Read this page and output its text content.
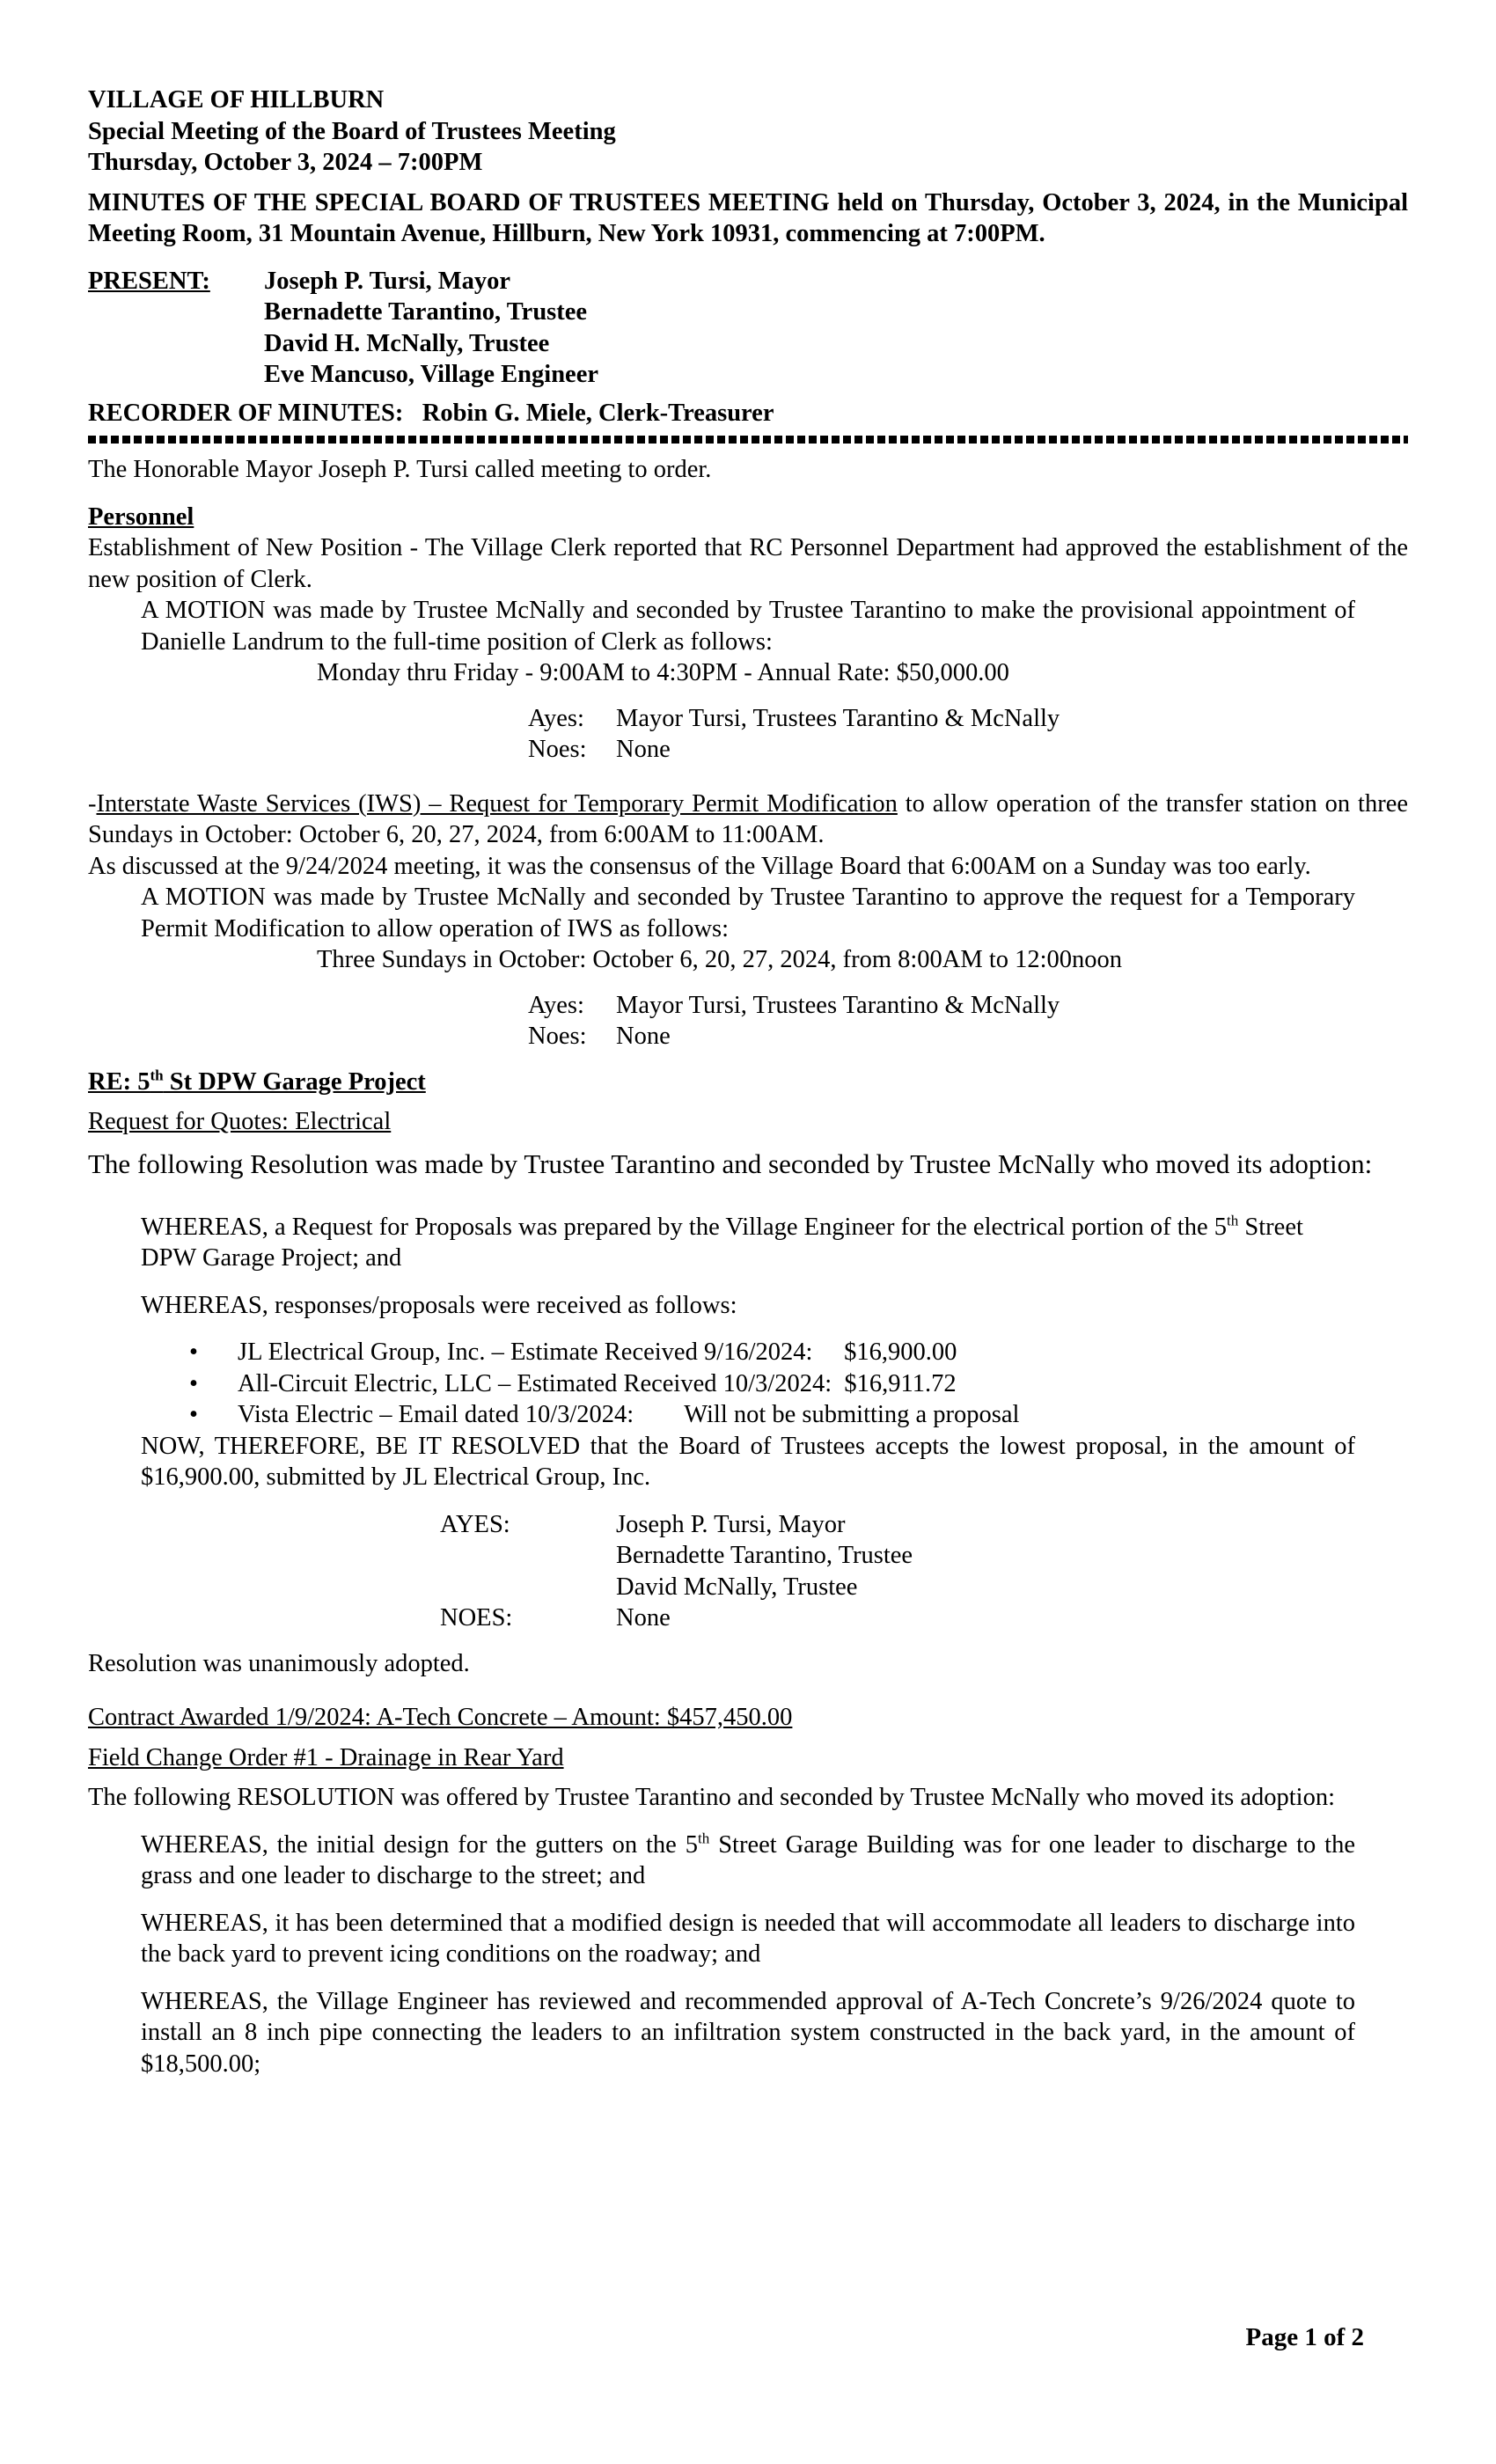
VILLAGE OF HILLBURN

Special Meeting of the Board of Trustees Meeting

Thursday, October 3, 2024 – 7:00PM

MINUTES OF THE SPECIAL BOARD OF TRUSTEES MEETING held on Thursday, October 3, 2024, in the Municipal Meeting Room, 31 Mountain Avenue, Hillburn, New York 10931, commencing at 7:00PM.

PRESENT:	Joseph P. Tursi, Mayor

Bernadette Tarantino, Trustee

David H. McNally, Trustee

Eve Mancuso, Village Engineer

RECORDER OF MINUTES:   Robin G. Miele, Clerk-Treasurer

The Honorable Mayor Joseph P. Tursi called meeting to order.

Personnel

Establishment of New Position - The Village Clerk reported that RC Personnel Department had approved the establishment of the new position of Clerk.

A MOTION was made by Trustee McNally and seconded by Trustee Tarantino to make the provisional appointment of Danielle Landrum to the full-time position of Clerk as follows:

Monday thru Friday - 9:00AM to 4:30PM - Annual Rate: $50,000.00

Ayes:	Mayor Tursi, Trustees Tarantino & McNally
Noes:	None

-Interstate Waste Services (IWS) – Request for Temporary Permit Modification to allow operation of the transfer station on three Sundays in October: October 6, 20, 27, 2024, from 6:00AM to 11:00AM.

As discussed at the 9/24/2024 meeting, it was the consensus of the Village Board that 6:00AM on a Sunday was too early.

A MOTION was made by Trustee McNally and seconded by Trustee Tarantino to approve the request for a Temporary Permit Modification to allow operation of IWS as follows:

Three Sundays in October: October 6, 20, 27, 2024, from 8:00AM to 12:00noon

Ayes:	Mayor Tursi, Trustees Tarantino & McNally
Noes:	None

RE: 5th St DPW Garage Project

Request for Quotes: Electrical

The following Resolution was made by Trustee Tarantino and seconded by Trustee McNally who moved its adoption:

WHEREAS, a Request for Proposals was prepared by the Village Engineer for the electrical portion of the 5th Street DPW Garage Project; and

WHEREAS, responses/proposals were received as follows:

•	JL Electrical Group, Inc. – Estimate Received 9/16/2024: $16,900.00
•	All-Circuit Electric, LLC – Estimated Received 10/3/2024: $16,911.72
•	Vista Electric – Email dated 10/3/2024: Will not be submitting a proposal

NOW, THEREFORE, BE IT RESOLVED that the Board of Trustees accepts the lowest proposal, in the amount of $16,900.00, submitted by JL Electrical Group, Inc.

AYES:	Joseph P. Tursi, Mayor
Bernadette Tarantino, Trustee
David McNally, Trustee
NOES:	None

Resolution was unanimously adopted.

Contract Awarded 1/9/2024: A-Tech Concrete – Amount: $457,450.00

Field Change Order #1 - Drainage in Rear Yard

The following RESOLUTION was offered by Trustee Tarantino and seconded by Trustee McNally who moved its adoption:

WHEREAS, the initial design for the gutters on the 5th Street Garage Building was for one leader to discharge to the grass and one leader to discharge to the street; and

WHEREAS, it has been determined that a modified design is needed that will accommodate all leaders to discharge into the back yard to prevent icing conditions on the roadway; and

WHEREAS, the Village Engineer has reviewed and recommended approval of A-Tech Concrete’s 9/26/2024 quote to install an 8 inch pipe connecting the leaders to an infiltration system constructed in the back yard, in the amount of $18,500.00;

Page 1 of 2
